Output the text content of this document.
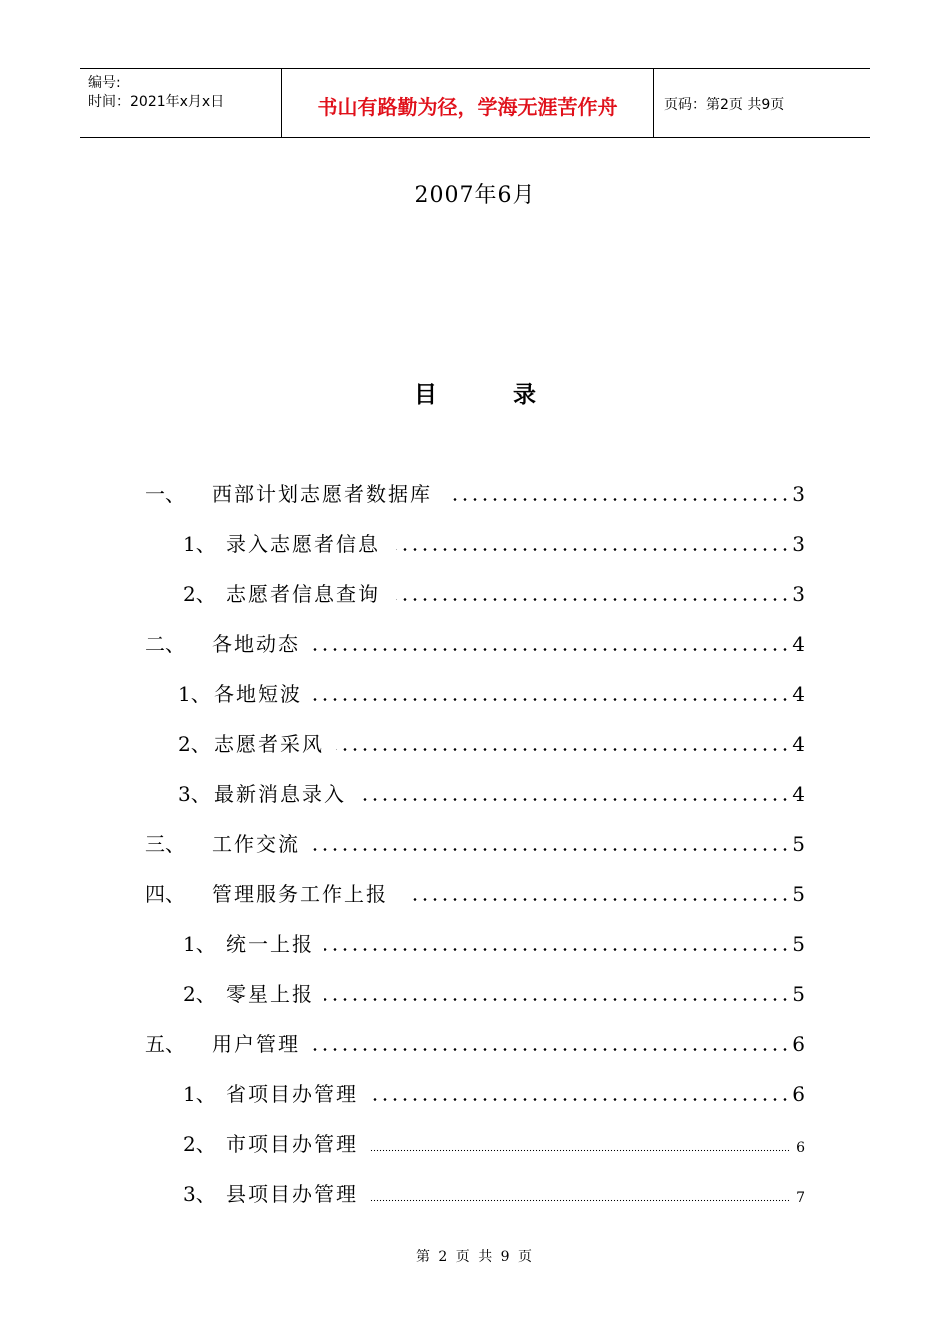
编号:
时间：2021年x月x日	书山有路勤为径，学海无涯苦作舟	页码：第2页 共9页
2007年6月
目 录
一、 西部计划志愿者数据库	3
1、 录入志愿者信息	3
2、 志愿者信息查询	3
二、 各地动态	4
1、 各地短波	4
2、 志愿者采风	4
3、 最新消息录入	4
三、 工作交流	5
四、 管理服务工作上报	5
1、 统一上报	5
2、 零星上报	5
五、 用户管理	6
1、 省项目办管理	6
2、 市项目办管理	6
3、 县项目办管理	7
第 2 页 共 9 页
